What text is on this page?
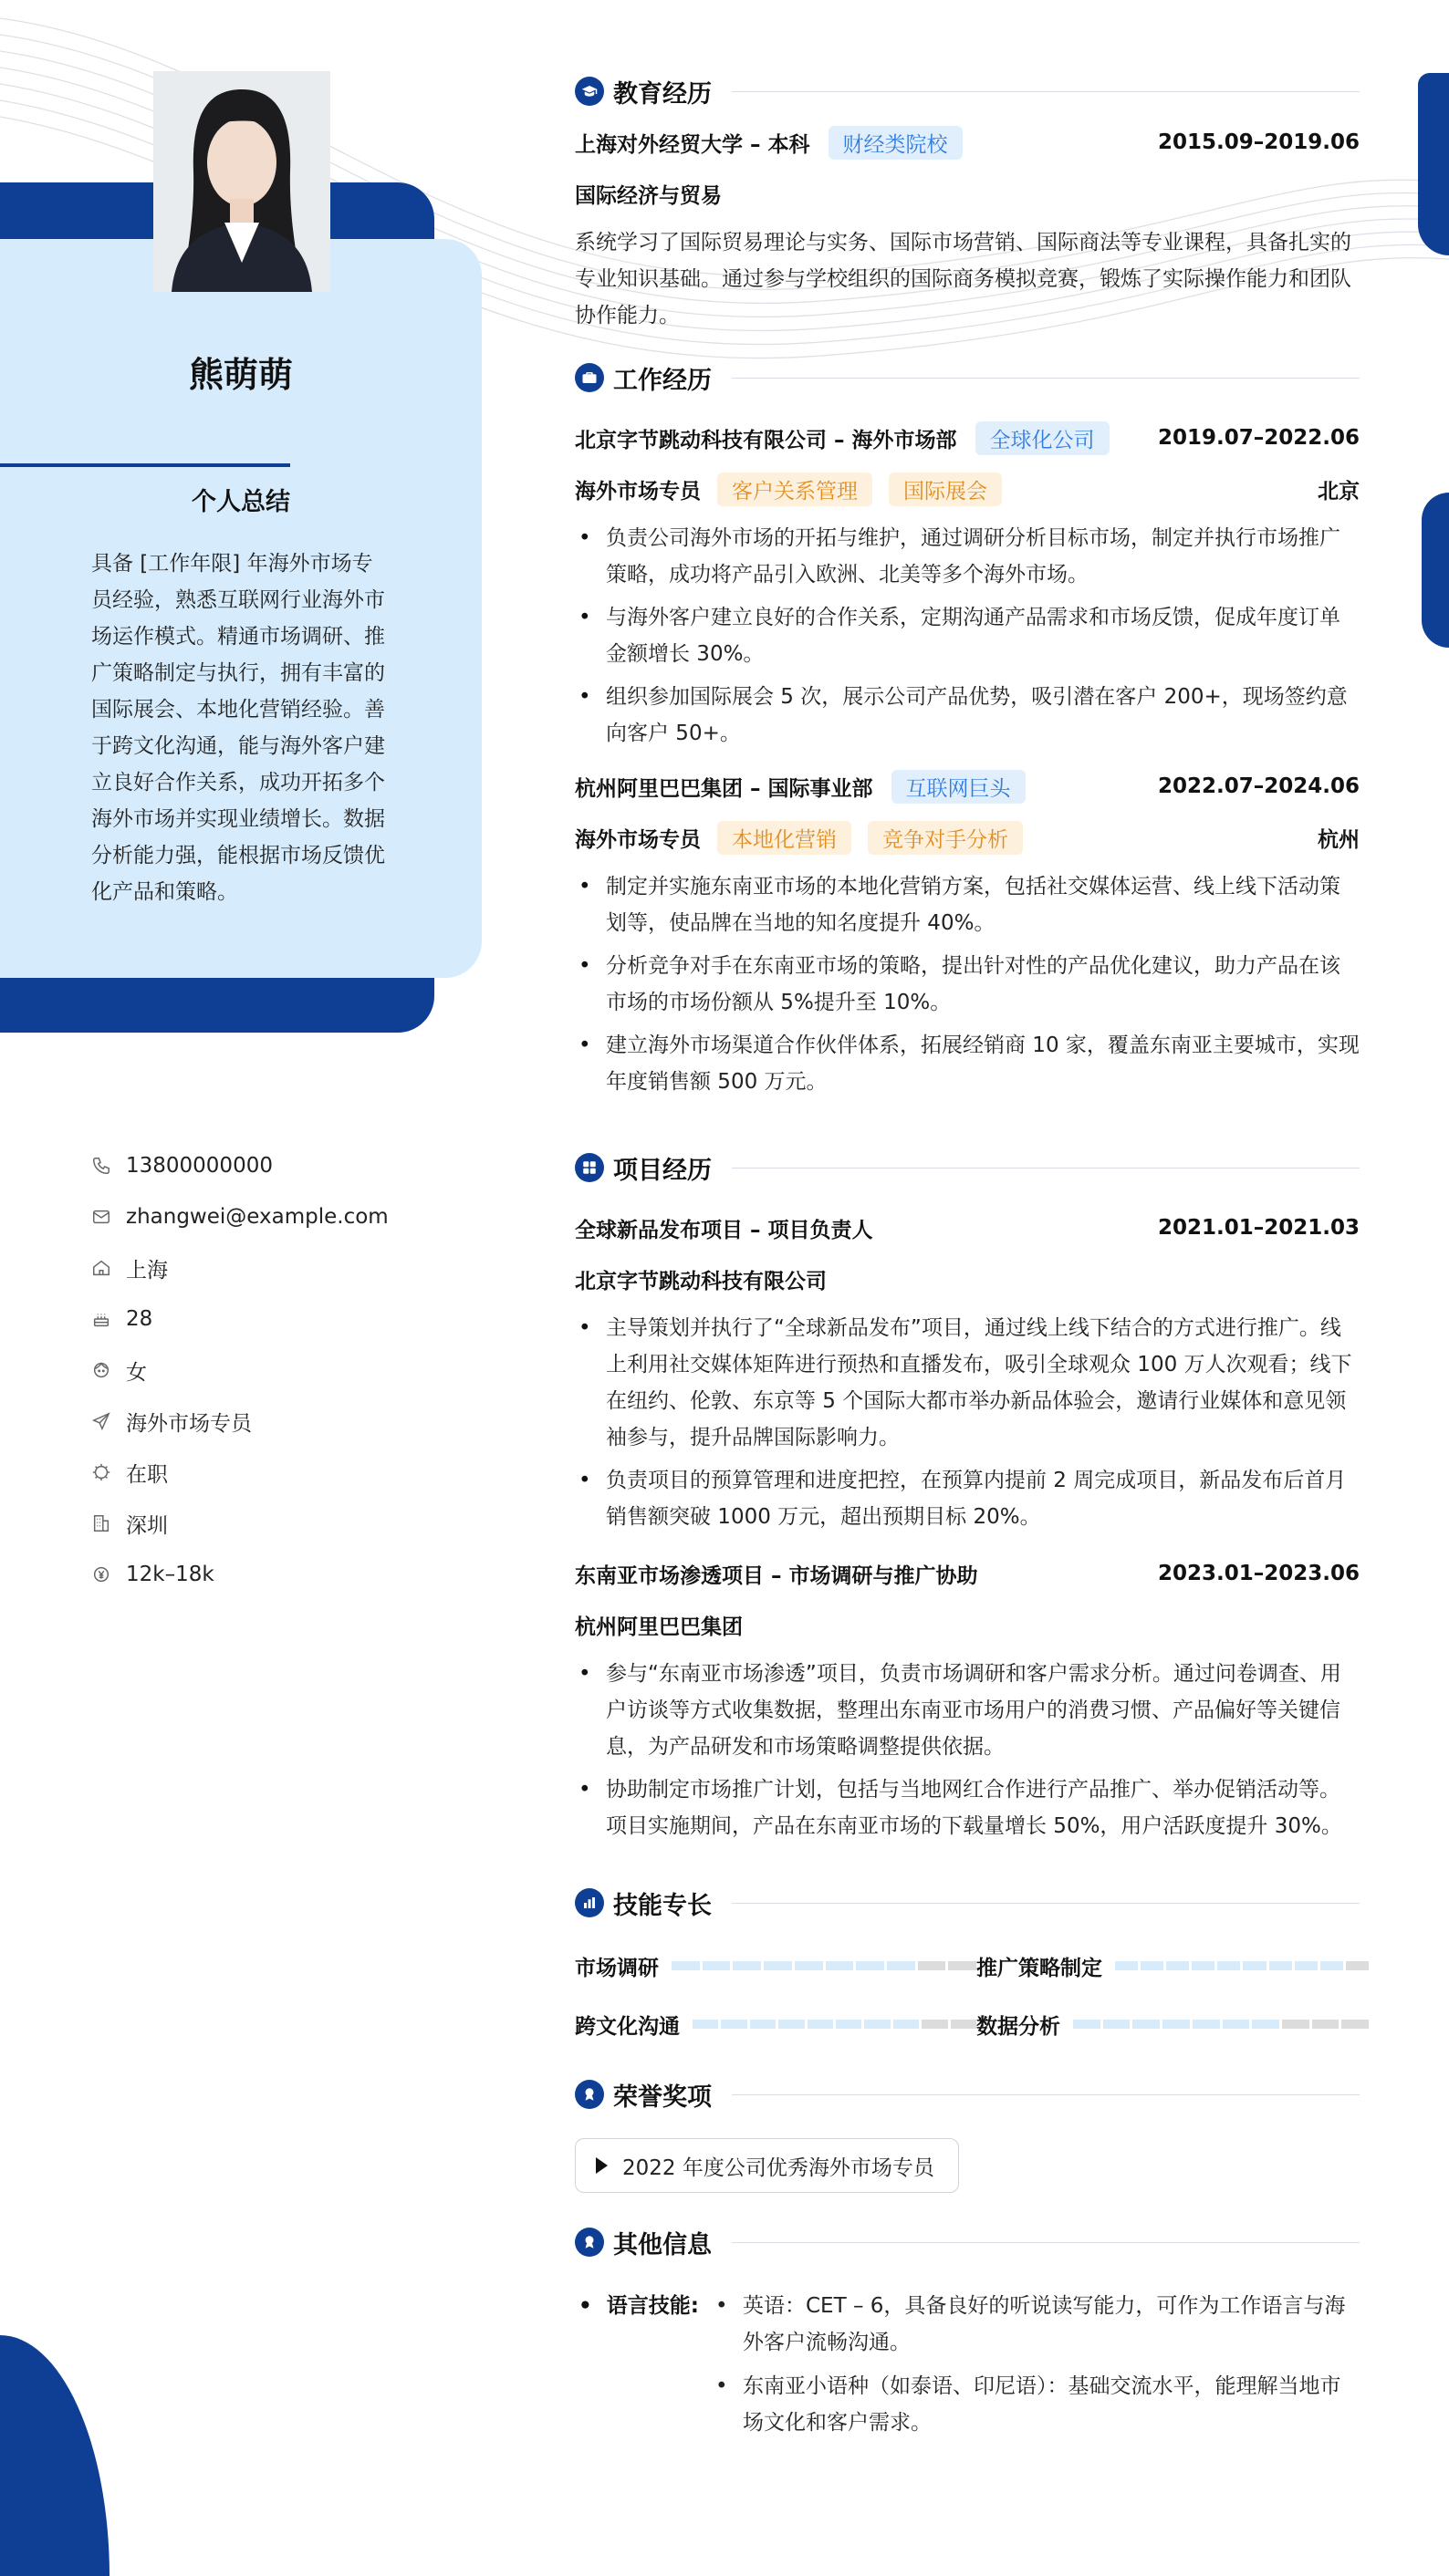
熊萌萌
个人总结
具备 [工作年限] 年海外市场专员经验，熟悉互联网行业海外市场运作模式。精通市场调研、推广策略制定与执行，拥有丰富的国际展会、本地化营销经验。善于跨文化沟通，能与海外客户建立良好合作关系，成功开拓多个海外市场并实现业绩增长。数据分析能力强，能根据市场反馈优化产品和策略。
13800000000
zhangwei@example.com
上海
28
女
海外市场专员
在职
深圳
12k–18k
教育经历
上海对外经贸大学 – 本科	财经类院校	2015.09–2019.06
国际经济与贸易

系统学习了国际贸易理论与实务、国际市场营销、国际商法等专业课程，具备扎实的专业知识基础。通过参与学校组织的国际商务模拟竞赛，锻炼了实际操作能力和团队协作能力。

工作经历
北京字节跳动科技有限公司 – 海外市场部	全球化公司	2019.07–2022.06
海外市场专员	客户关系管理	国际展会	北京
• 负责公司海外市场的开拓与维护，通过调研分析目标市场，制定并执行市场推广策略，成功将产品引入欧洲、北美等多个海外市场。
• 与海外客户建立良好的合作关系，定期沟通产品需求和市场反馈，促成年度订单金额增长 30%。
• 组织参加国际展会 5 次，展示公司产品优势，吸引潜在客户 200+，现场签约意向客户 50+。
杭州阿里巴巴集团 – 国际事业部	互联网巨头	2022.07–2024.06
海外市场专员	本地化营销	竞争对手分析	杭州
• 制定并实施东南亚市场的本地化营销方案，包括社交媒体运营、线上线下活动策划等，使品牌在当地的知名度提升 40%。
• 分析竞争对手在东南亚市场的策略，提出针对性的产品优化建议，助力产品在该市场的市场份额从 5%提升至 10%。
• 建立海外市场渠道合作伙伴体系，拓展经销商 10 家，覆盖东南亚主要城市，实现年度销售额 500 万元。
项目经历
全球新品发布项目 – 项目负责人	2021.01–2021.03
北京字节跳动科技有限公司
• 主导策划并执行了“全球新品发布”项目，通过线上线下结合的方式进行推广。线上利用社交媒体矩阵进行预热和直播发布，吸引全球观众 100 万人次观看；线下在纽约、伦敦、东京等 5 个国际大都市举办新品体验会，邀请行业媒体和意见领袖参与，提升品牌国际影响力。
• 负责项目的预算管理和进度把控，在预算内提前 2 周完成项目，新品发布后首月销售额突破 1000 万元，超出预期目标 20%。
东南亚市场渗透项目 – 市场调研与推广协助	2023.01–2023.06
杭州阿里巴巴集团
• 参与“东南亚市场渗透”项目，负责市场调研和客户需求分析。通过问卷调查、用户访谈等方式收集数据，整理出东南亚市场用户的消费习惯、产品偏好等关键信息，为产品研发和市场策略调整提供依据。
• 协助制定市场推广计划，包括与当地网红合作进行产品推广、举办促销活动等。项目实施期间，产品在东南亚市场的下载量增长 50%，用户活跃度提升 30%。
技能专长
市场调研	推广策略制定
跨文化沟通	数据分析
荣誉奖项
2022 年度公司优秀海外市场专员
其他信息
• 语言技能:
•	英语：CET – 6，具备良好的听说读写能力，可作为工作语言与海外客户流畅沟通。
• 东南亚小语种（如泰语、印尼语）：基础交流水平，能理解当地市场文化和客户需求。
